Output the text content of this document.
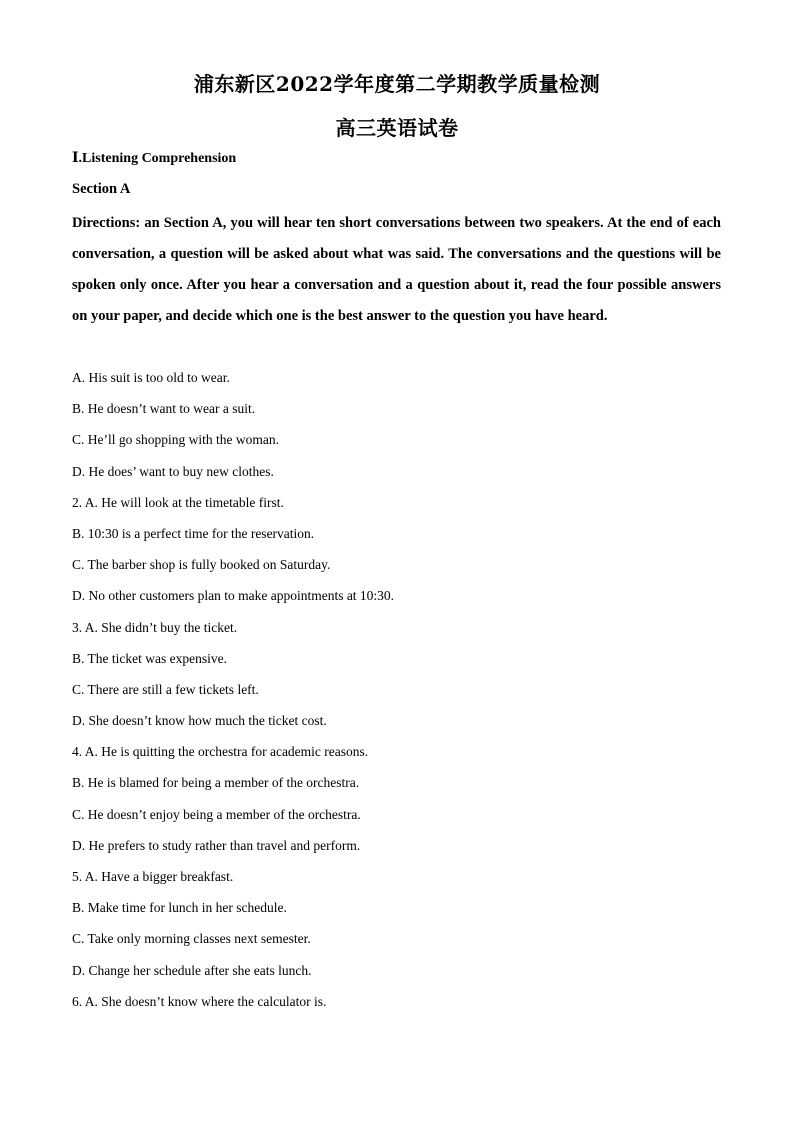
浦东新区2022学年度第二学期教学质量检测
高三英语试卷
Ⅰ.Listening Comprehension
Section A

Directions: an Section A, you will hear ten short conversations between two speakers. At the end of each conversation, a question will be asked about what was said. The conversations and the questions will be spoken only once. After you hear a conversation and a question about it, read the four possible answers on your paper, and decide which one is the best answer to the question you have heard.

A. His suit is too old to wear.
B. He doesn’t want to wear a suit.
C. He’ll go shopping with the woman.
D. He does’ want to buy new clothes.
2. A. He will look at the timetable first.
B. 10:30 is a perfect time for the reservation.
C. The barber shop is fully booked on Saturday.
D. No other customers plan to make appointments at 10:30.
3. A. She didn’t buy the ticket.
B. The ticket was expensive.
C. There are still a few tickets left.
D. She doesn’t know how much the ticket cost.
4. A. He is quitting the orchestra for academic reasons.
B. He is blamed for being a member of the orchestra.
C. He doesn’t enjoy being a member of the orchestra.
D. He prefers to study rather than travel and perform.
5. A. Have a bigger breakfast.
B. Make time for lunch in her schedule.
C. Take only morning classes next semester.
D. Change her schedule after she eats lunch.
6. A. She doesn’t know where the calculator is.
